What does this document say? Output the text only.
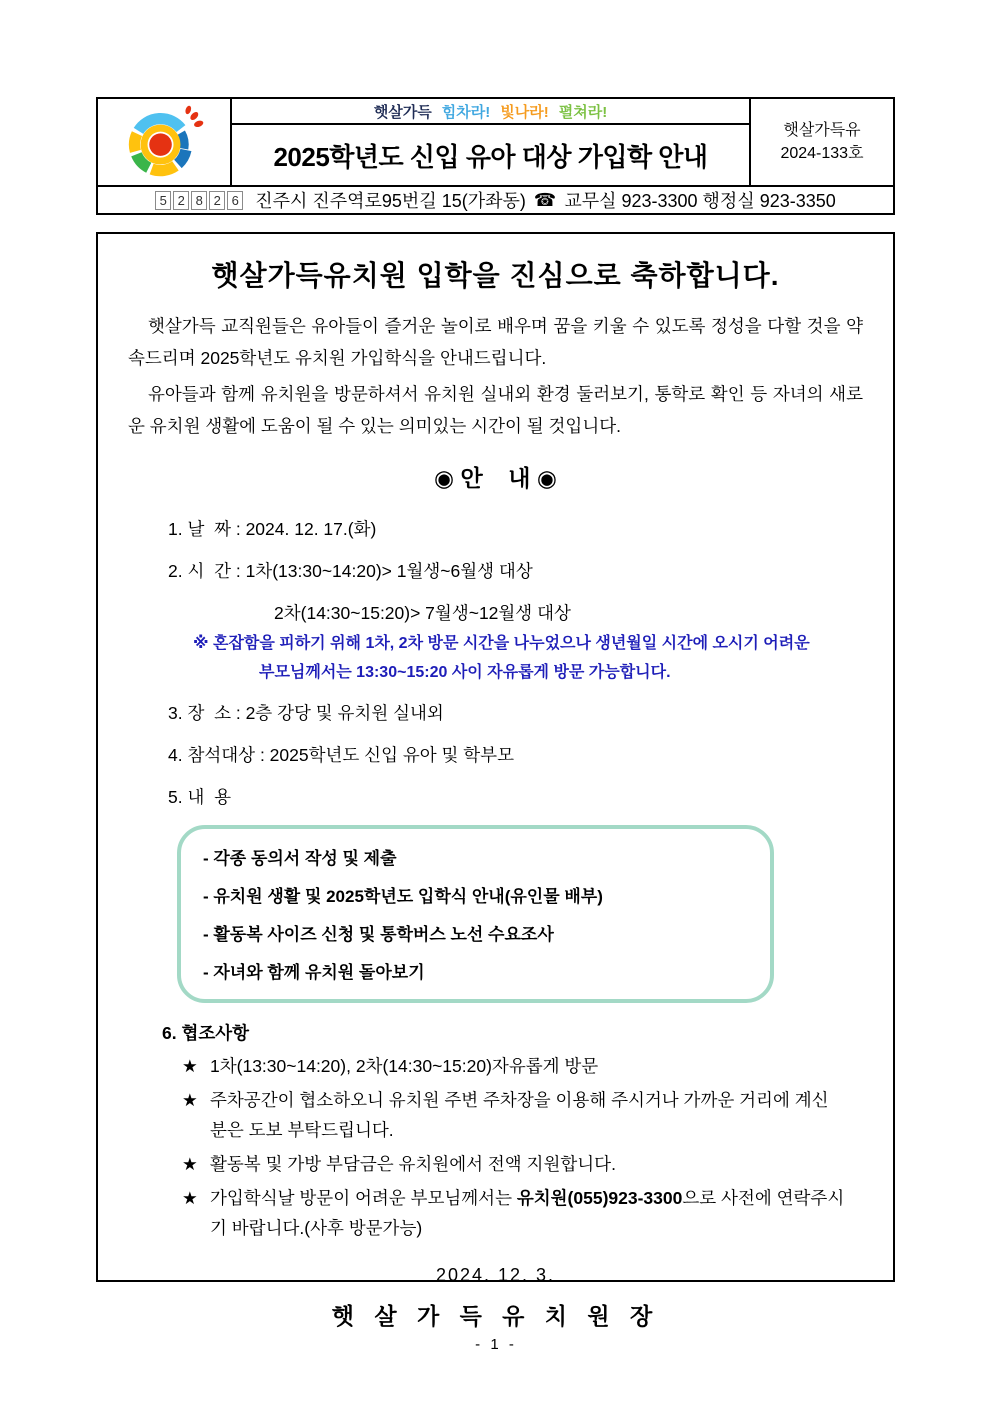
햇살가득 힘차라! 빛나라! 펼쳐라!
2025학년도 신입 유아 대상 가입학 안내
햇살가득유
2024-133호
5 2 8 2 6 진주시 진주역로95번길 15(가좌동) ☎ 교무실 923-3300 행정실 923-3350
햇살가득유치원 입학을 진심으로 축하합니다.

햇살가득 교직원들은 유아들이 즐거운 놀이로 배우며 꿈을 키울 수 있도록 정성을 다할 것을 약속드리며 2025학년도 유치원 가입학식을 안내드립니다.

유아들과 함께 유치원을 방문하셔서 유치원 실내외 환경 둘러보기, 통학로 확인 등 자녀의 새로운 유치원 생활에 도움이 될 수 있는 의미있는 시간이 될 것입니다.

◉ 안    내 ◉
1. 날  짜 : 2024. 12. 17.(화)
2. 시  간 : 1차(13:30~14:20)> 1월생~6월생 대상
2차(14:30~15:20)> 7월생~12월생 대상
※ 혼잡함을 피하기 위해 1차, 2차 방문 시간을 나누었으나 생년월일 시간에 오시기 어려운
부모님께서는 13:30~15:20 사이 자유롭게 방문 가능합니다.
3. 장  소 : 2층 강당 및 유치원 실내외
4. 참석대상 : 2025학년도 신입 유아 및 학부모
5. 내  용
- 각종 동의서 작성 및 제출
- 유치원 생활 및 2025학년도 입학식 안내(유인물 배부)
- 활동복 사이즈 신청 및 통학버스 노선 수요조사
- 자녀와 함께 유치원 돌아보기
6. 협조사항
★ 1차(13:30~14:20), 2차(14:30~15:20)자유롭게 방문
★ 주차공간이 협소하오니 유치원 주변 주차장을 이용해 주시거나 가까운 거리에 계신 분은 도보 부탁드립니다.
★ 활동복 및 가방 부담금은 유치원에서 전액 지원합니다.
★ 가입학식날 방문이 어려운 부모님께서는 유치원(055)923-3300으로 사전에 연락주시기 바랍니다.(사후 방문가능)
2024. 12. 3.
햇 살 가 득 유 치 원 장
- 1 -
